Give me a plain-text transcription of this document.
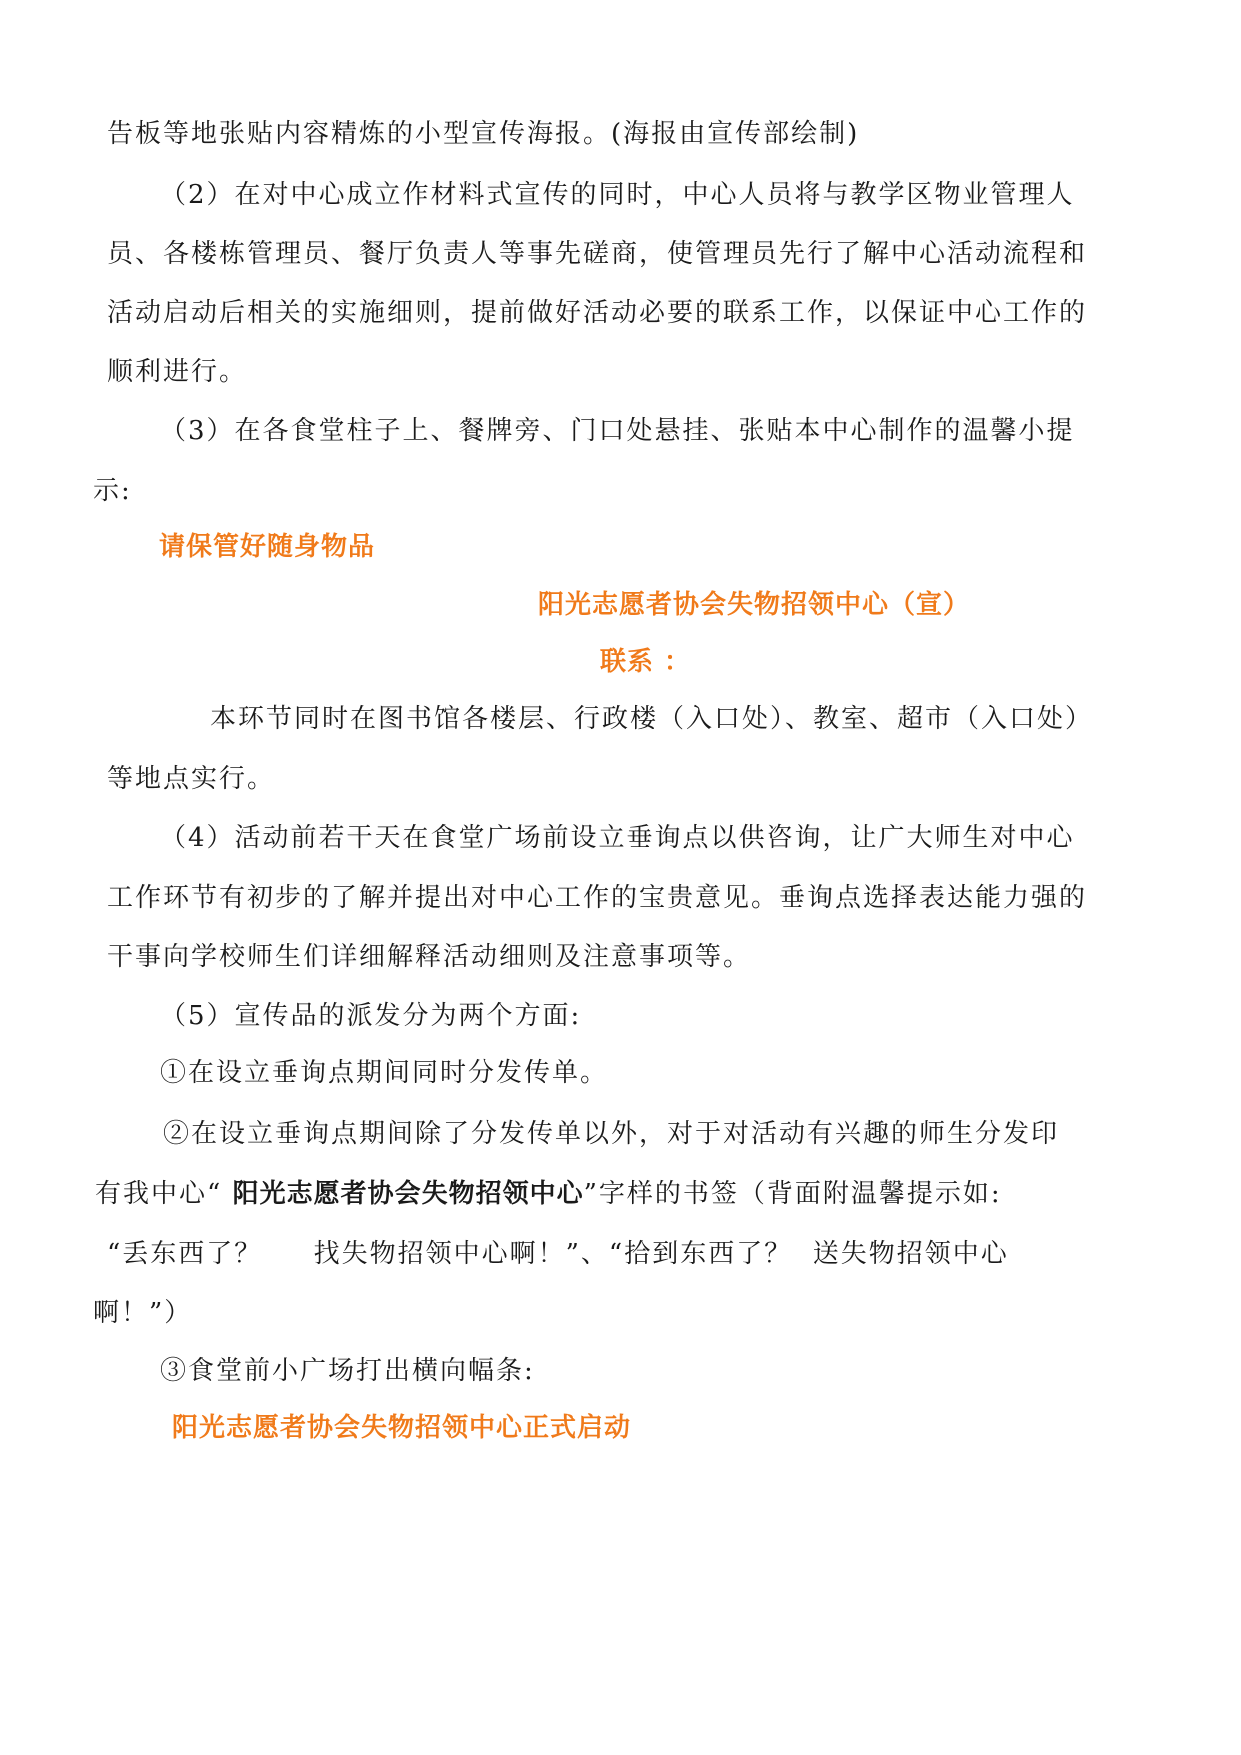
告板等地张贴内容精炼的小型宣传海报。(海报由宣传部绘制)
（2）在对中心成立作材料式宣传的同时，中心人员将与教学区物业管理人
员、各楼栋管理员、餐厅负责人等事先磋商，使管理员先行了解中心活动流程和
活动启动后相关的实施细则，提前做好活动必要的联系工作，以保证中心工作的
顺利进行。
（3）在各食堂柱子上、餐牌旁、门口处悬挂、张贴本中心制作的温馨小提
示:
请保管好随身物品
阳光志愿者协会失物招领中心（宣）
联系 ：
本环节同时在图书馆各楼层、行政楼（入口处）、教室、超市（入口处）
等地点实行。
（4）活动前若干天在食堂广场前设立垂询点以供咨询，让广大师生对中心
工作环节有初步的了解并提出对中心工作的宝贵意见。垂询点选择表达能力强的
干事向学校师生们详细解释活动细则及注意事项等。
（5）宣传品的派发分为两个方面:
①在设立垂询点期间同时分发传单。
②在设立垂询点期间除了分发传单以外，对于对活动有兴趣的师生分发印
有我中心“ 阳光志愿者协会失物招领中心”字样的书签（背面附温馨提示如:
“丢东西了？     找失物招领中心啊！”、“拾到东西了？  送失物招领中心
啊！”）
③食堂前小广场打出横向幅条:
阳光志愿者协会失物招领中心正式启动
